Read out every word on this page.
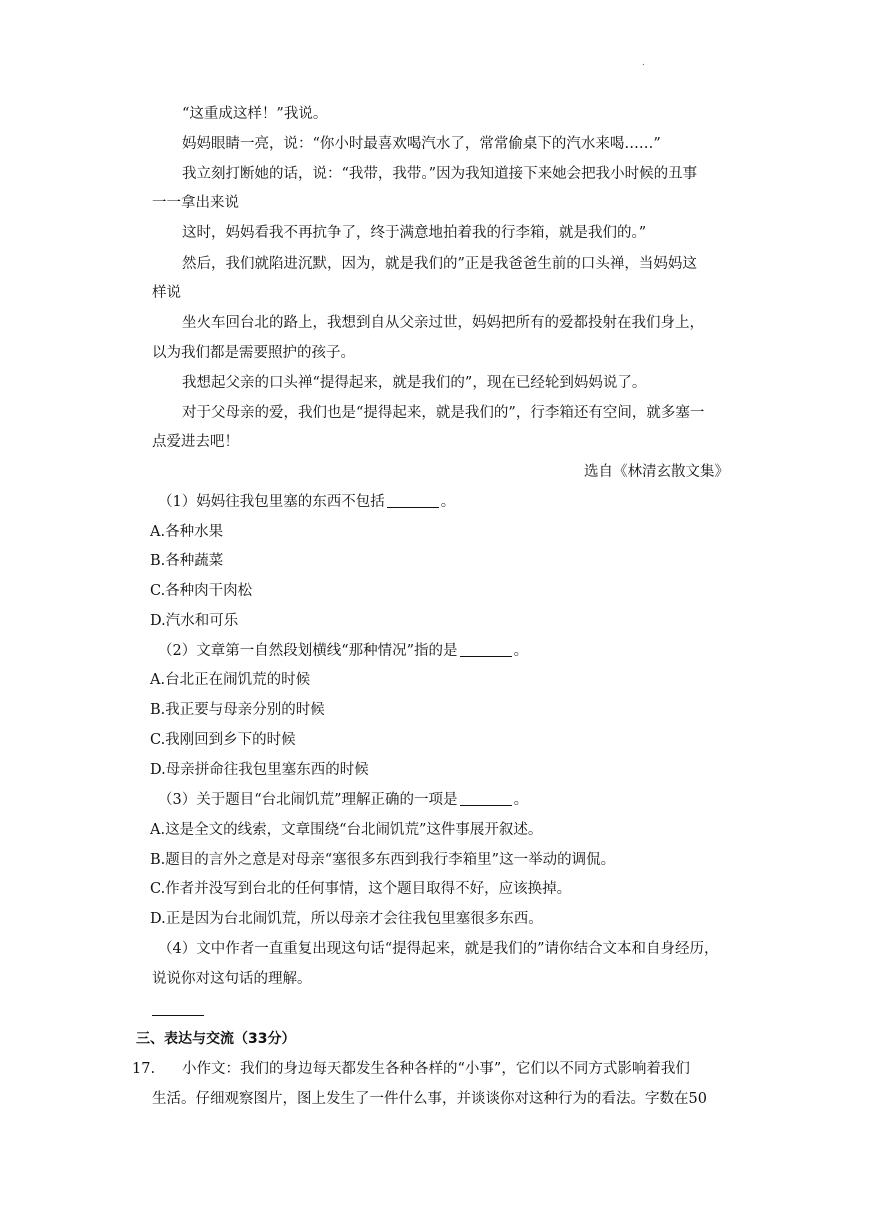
.
“这重成这样！”我说。
妈妈眼睛一亮，说：“你小时最喜欢喝汽水了，常常偷桌下的汽水来喝……”
我立刻打断她的话，说：“我带，我带。”因为我知道接下来她会把我小时候的丑事
一一拿出来说
这时，妈妈看我不再抗争了，终于满意地拍着我的行李箱，就是我们的。”
然后，我们就陷进沉默，因为，就是我们的”正是我爸爸生前的口头禅，当妈妈这
样说
坐火车回台北的路上，我想到自从父亲过世，妈妈把所有的爱都投射在我们身上，
以为我们都是需要照护的孩子。
我想起父亲的口头禅“提得起来，就是我们的”，现在已经轮到妈妈说了。
对于父母亲的爱，我们也是“提得起来，就是我们的”，行李箱还有空间，就多塞一
点爱进去吧！
选自《林清玄散文集》
（1）妈妈往我包里塞的东西不包括	。
A.各种水果
B.各种蔬菜
C.各种肉干肉松
D.汽水和可乐
（2）文章第一自然段划横线“那种情况”指的是	。
A.台北正在闹饥荒的时候
B.我正要与母亲分别的时候
C.我刚回到乡下的时候
D.母亲拼命往我包里塞东西的时候
（3）关于题目“台北闹饥荒”理解正确的一项是	。
A.这是全文的线索，文章围绕“台北闹饥荒”这件事展开叙述。
B.题目的言外之意是对母亲“塞很多东西到我行李箱里”这一举动的调侃。
C.作者并没写到台北的任何事情，这个题目取得不好，应该换掉。
D.正是因为台北闹饥荒，所以母亲才会往我包里塞很多东西。
（4）文中作者一直重复出现这句话“提得起来，就是我们的”请你结合文本和自身经历，
说说你对这句话的理解。
三、表达与交流（33分）
17. 小作文：我们的身边每天都发生各种各样的“小事”，它们以不同方式影响着我们
生活。仔细观察图片，图上发生了一件什么事，并谈谈你对这种行为的看法。字数在50
